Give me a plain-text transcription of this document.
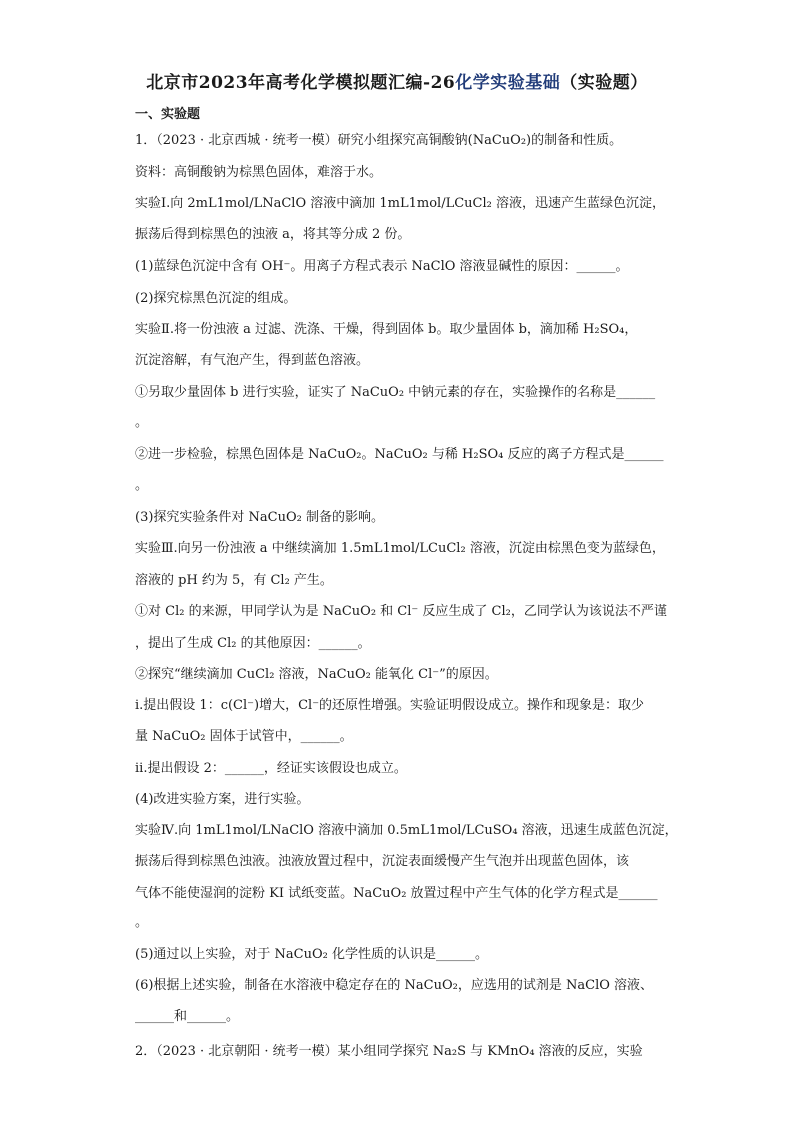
北京市2023年高考化学模拟题汇编-26化学实验基础（实验题）
一、实验题
1．（2023 · 北京西城 · 统考一模）研究小组探究高铜酸钠(NaCuO₂)的制备和性质。
资料：高铜酸钠为棕黑色固体，难溶于水。
实验Ⅰ.向 2mL1mol/LNaClO 溶液中滴加 1mL1mol/LCuCl₂ 溶液，迅速产生蓝绿色沉淀，
振荡后得到棕黑色的浊液 a，将其等分成 2 份。
(1)蓝绿色沉淀中含有 OH⁻。用离子方程式表示 NaClO 溶液显碱性的原因：______。
(2)探究棕黑色沉淀的组成。
实验Ⅱ.将一份浊液 a 过滤、洗涤、干燥，得到固体 b。取少量固体 b，滴加稀 H₂SO₄，
沉淀溶解，有气泡产生，得到蓝色溶液。
①另取少量固体 b 进行实验，证实了 NaCuO₂ 中钠元素的存在，实验操作的名称是______
。
②进一步检验，棕黑色固体是 NaCuO₂。NaCuO₂ 与稀 H₂SO₄ 反应的离子方程式是______
。
(3)探究实验条件对 NaCuO₂ 制备的影响。
实验Ⅲ.向另一份浊液 a 中继续滴加 1.5mL1mol/LCuCl₂ 溶液，沉淀由棕黑色变为蓝绿色，
溶液的 pH 约为 5，有 Cl₂ 产生。
①对 Cl₂ 的来源，甲同学认为是 NaCuO₂ 和 Cl⁻ 反应生成了 Cl₂，乙同学认为该说法不严谨
，提出了生成 Cl₂ 的其他原因：______。
②探究“继续滴加 CuCl₂ 溶液，NaCuO₂ 能氧化 Cl⁻”的原因。
i.提出假设 1：c(Cl⁻)增大，Cl⁻的还原性增强。实验证明假设成立。操作和现象是：取少
量 NaCuO₂ 固体于试管中，______。
ii.提出假设 2：______，经证实该假设也成立。
(4)改进实验方案，进行实验。
实验Ⅳ.向 1mL1mol/LNaClO 溶液中滴加 0.5mL1mol/LCuSO₄ 溶液，迅速生成蓝色沉淀，
振荡后得到棕黑色浊液。浊液放置过程中，沉淀表面缓慢产生气泡并出现蓝色固体，该
气体不能使湿润的淀粉 KI 试纸变蓝。NaCuO₂ 放置过程中产生气体的化学方程式是______
。
(5)通过以上实验，对于 NaCuO₂ 化学性质的认识是______。
(6)根据上述实验，制备在水溶液中稳定存在的 NaCuO₂，应选用的试剂是 NaClO 溶液、
______和______。
2．（2023 · 北京朝阳 · 统考一模）某小组同学探究 Na₂S 与 KMnO₄ 溶液的反应，实验
